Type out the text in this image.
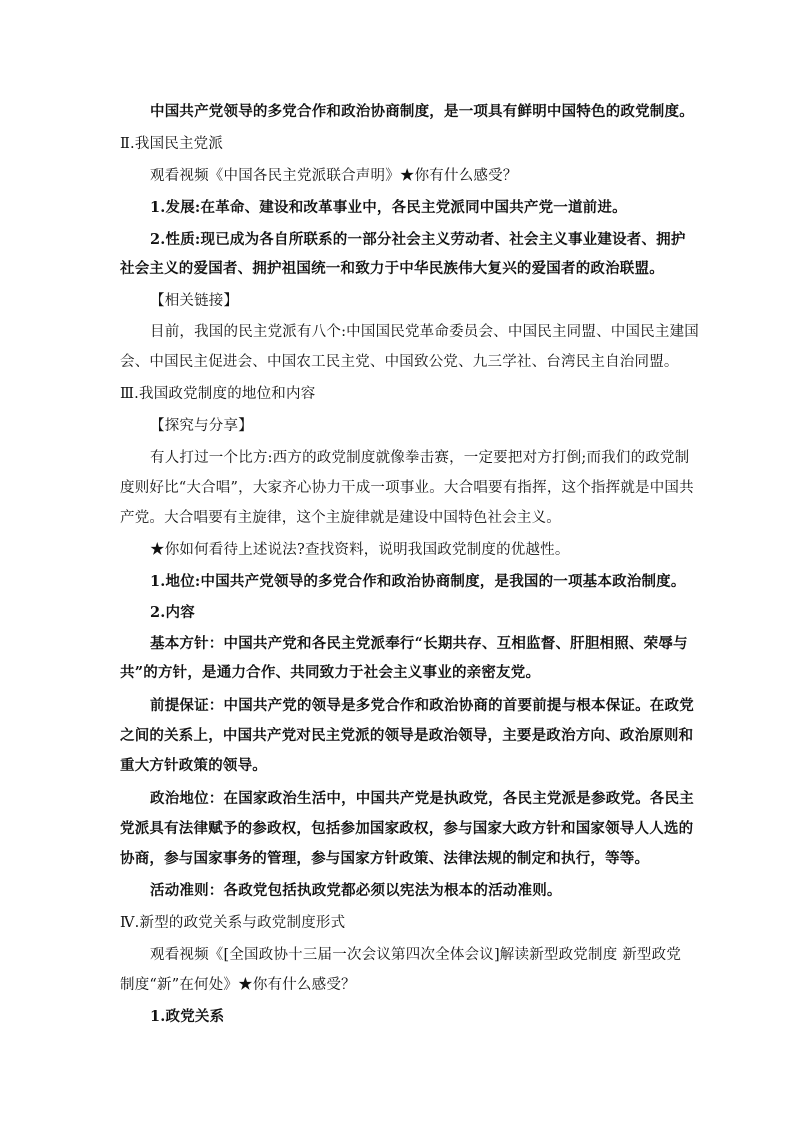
中国共产党领导的多党合作和政治协商制度，是一项具有鲜明中国特色的政党制度。
Ⅱ.我国民主党派
观看视频《中国各民主党派联合声明》★你有什么感受？
1.发展:在革命、建设和改革事业中，各民主党派同中国共产党一道前进。
2.性质:现已成为各自所联系的一部分社会主义劳动者、社会主义事业建设者、拥护
社会主义的爱国者、拥护祖国统一和致力于中华民族伟大复兴的爱国者的政治联盟。
【相关链接】
目前，我国的民主党派有八个:中国国民党革命委员会、中国民主同盟、中国民主建国
会、中国民主促进会、中国农工民主党、中国致公党、九三学社、台湾民主自治同盟。
Ⅲ.我国政党制度的地位和内容
【探究与分享】
有人打过一个比方:西方的政党制度就像拳击赛，一定要把对方打倒;而我们的政党制
度则好比“大合唱”，大家齐心协力干成一项事业。大合唱要有指挥，这个指挥就是中国共
产党。大合唱要有主旋律，这个主旋律就是建设中国特色社会主义。
★你如何看待上述说法?查找资料，说明我国政党制度的优越性。
1.地位:中国共产党领导的多党合作和政治协商制度，是我国的一项基本政治制度。
2.内容
基本方针：中国共产党和各民主党派奉行“长期共存、互相监督、肝胆相照、荣辱与
共”的方针，是通力合作、共同致力于社会主义事业的亲密友党。
前提保证：中国共产党的领导是多党合作和政治协商的首要前提与根本保证。在政党
之间的关系上，中国共产党对民主党派的领导是政治领导，主要是政治方向、政治原则和
重大方针政策的领导。
政治地位：在国家政治生活中，中国共产党是执政党，各民主党派是参政党。各民主
党派具有法律赋予的参政权，包括参加国家政权，参与国家大政方针和国家领导人人选的
协商，参与国家事务的管理，参与国家方针政策、法律法规的制定和执行，等等。
活动准则：各政党包括执政党都必须以宪法为根本的活动准则。
Ⅳ.新型的政党关系与政党制度形式
观看视频《[全国政协十三届一次会议第四次全体会议]解读新型政党制度 新型政党
制度“新”在何处》★你有什么感受？
1.政党关系
